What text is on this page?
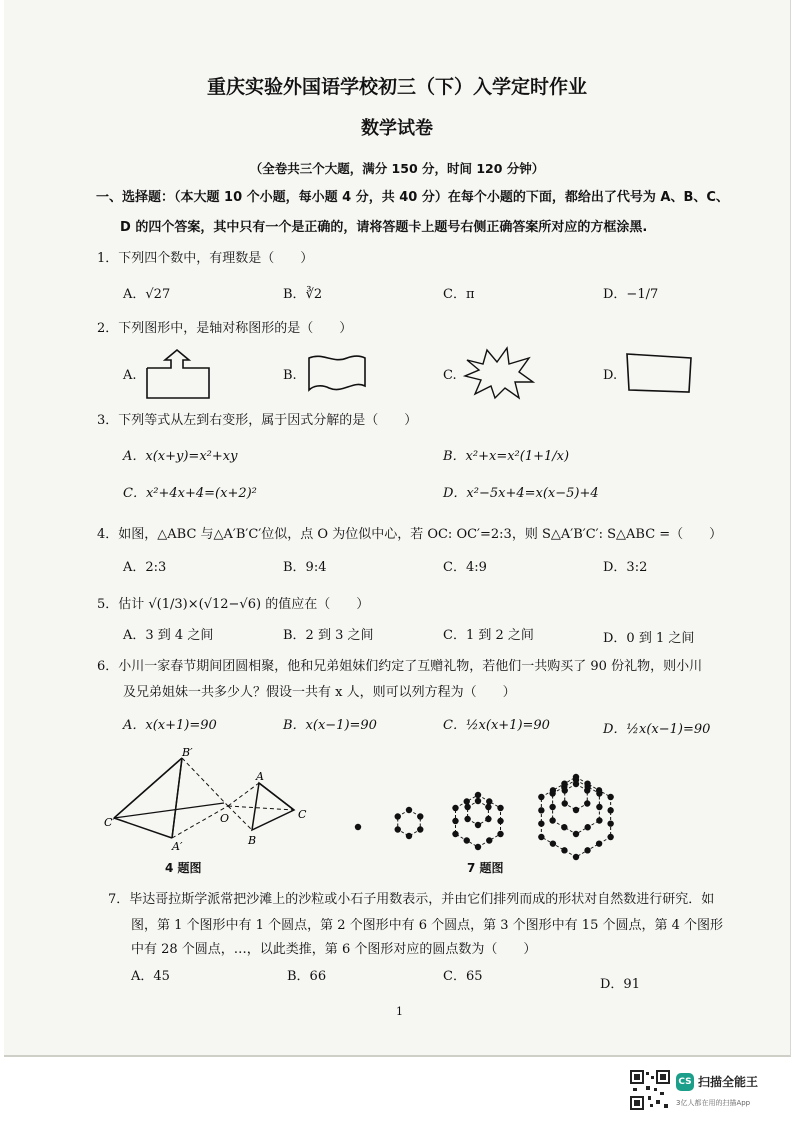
重庆实验外国语学校初三（下）入学定时作业
数学试卷
（全卷共三个大题，满分 150 分，时间 120 分钟）
一、选择题：（本大题 10 个小题，每小题 4 分，共 40 分）在每个小题的下面，都给出了代号为 A、B、C、
D 的四个答案，其中只有一个是正确的，请将答题卡上题号右侧正确答案所对应的方框涂黑.
1．下列四个数中，有理数是（　　）
A．√27	B．∛2	C．π	D．−1/7
2．下列图形中，是轴对称图形的是（　　）
A.	B.	C.	D.
3．下列等式从左到右变形，属于因式分解的是（　　）
A．x(x+y)=x²+xy	B．x²+x=x²(1+1/x)
C．x²+4x+4=(x+2)²	D．x²−5x+4=x(x−5)+4
4．如图，△ABC 与△A′B′C′位似，点 O 为位似中心，若 OC: OC′=2:3，则 S△A′B′C′: S△ABC =（　　）
A．2:3	B．9:4	C．4:9	D．3:2
5．估计 √(1/3)×(√12−√6) 的值应在（　　）
A．3 到 4 之间	B．2 到 3 之间	C．1 到 2 之间	D．0 到 1 之间
6．小川一家春节期间团圆相聚，他和兄弟姐妹们约定了互赠礼物，若他们一共购买了 90 份礼物，则小川
及兄弟姐妹一共多少人？假设一共有 x 人，则可以列方程为（　　）
A．x(x+1)=90	B．x(x−1)=90	C．½x(x+1)=90	D．½x(x−1)=90
B′
C′
A′
O
A
B
C
4 题图	7 题图
7．毕达哥拉斯学派常把沙滩上的沙粒或小石子用数表示，并由它们排列而成的形状对自然数进行研究．如
图，第 1 个图形中有 1 个圆点，第 2 个图形中有 6 个圆点，第 3 个图形中有 15 个圆点，第 4 个图形
中有 28 个圆点，…，以此类推，第 6 个图形对应的圆点数为（　　）
A．45	B．66	C．65
D．91
1
CS 扫描全能王
3亿人都在用的扫描App
